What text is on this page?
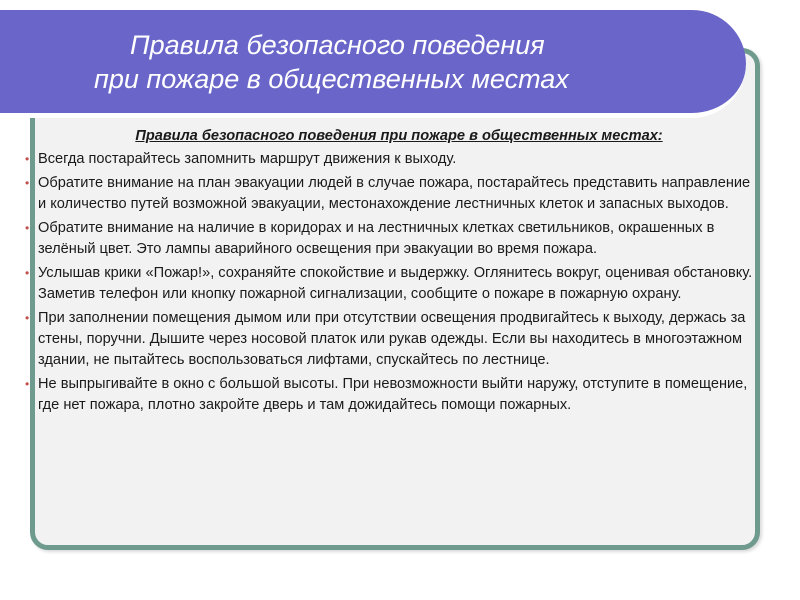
Правила безопасного поведения
при пожаре в общественных местах
Правила безопасного поведения при пожаре в общественных местах:
• Всегда постарайтесь запомнить маршрут движения к выходу.
• Обратите внимание на план эвакуации людей в случае пожара, постарайтесь представить направление и количество путей возможной эвакуации, местонахождение лестничных клеток и запасных выходов.
• Обратите внимание на наличие в коридорах и на лестничных клетках светильников, окрашенных в зелёный цвет. Это лампы аварийного освещения при эвакуации во время пожара.
• Услышав крики «Пожар!», сохраняйте спокойствие и выдержку. Оглянитесь вокруг, оценивая обстановку. Заметив телефон или кнопку пожарной сигнализации, сообщите о пожаре в пожарную охрану.
• При заполнении помещения дымом или при отсутствии освещения продвигайтесь к выходу, держась за стены, поручни. Дышите через носовой платок или рукав одежды. Если вы находитесь в многоэтажном здании, не пытайтесь воспользоваться лифтами, спускайтесь по лестнице.
• Не выпрыгивайте в окно с большой высоты. При невозможности выйти наружу, отступите в помещение, где нет пожара, плотно закройте дверь и там дожидайтесь помощи пожарных.
